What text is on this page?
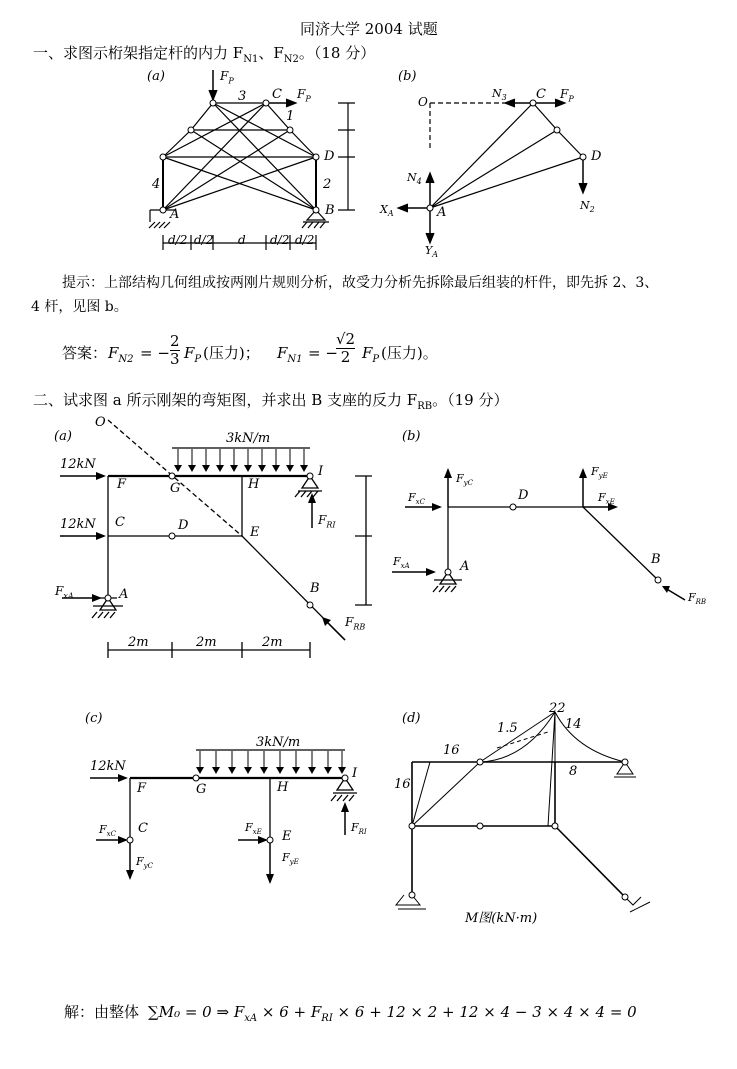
同济大学 2004 试题
一、求图示桁架指定杆的内力 $F_{N1}$、$F_{N2}$。（18 分）
(a)	$F_P$
3 C $F_P$
1
D
4	2
A	B
d/2 d/2 d d/2 d/2
(b)
O
$N_3$ C $F_P$
D
$N_4$
$X_A$	A	$N_2$
$Y_A$
提示：上部结构几何组成按两刚片规则分析，故受力分析先拆除最后组装的杆件，即先拆 2、3、
4 杆，见图 b。
答案： $F_{N2}$ = −
2
3 $F_P$ (压力)； $F_{N1}$ = −
√2
2 $F_P$ (压力)。
二、试求图 a 所示刚架的弯矩图，并求出 B 支座的反力 $F_{RB}$。（19 分）
(a)
O
3kN/m
12kN
12kN
F	G	H
I
C	D	E
$F_{RI}$
$F_{xA}$	A	B
$F_{RB}$
2m	2m	2m
(b)
$F_{yC}$
$F_{yE}$
$F_{xC}$	D	$F_{xE}$
$F_{xA}$	A	B
$F_{RB}$
(c)
3kN/m
12kN
F	G	H
I
$F_{xC}$ C
$F_{yC}$
$F_{xE}$ E
$F_{yE}$
$F_{RI}$
(d)
22
1.5	14
16
16
8
M图(kN·m)
解：由整体 ∑M₀ = 0 ⇒ $F_{xA} \times 6 + F_{RI} \times 6 + 12 \times 2 + 12 \times 4 - 3 \times 4 \times 4 = 0$
